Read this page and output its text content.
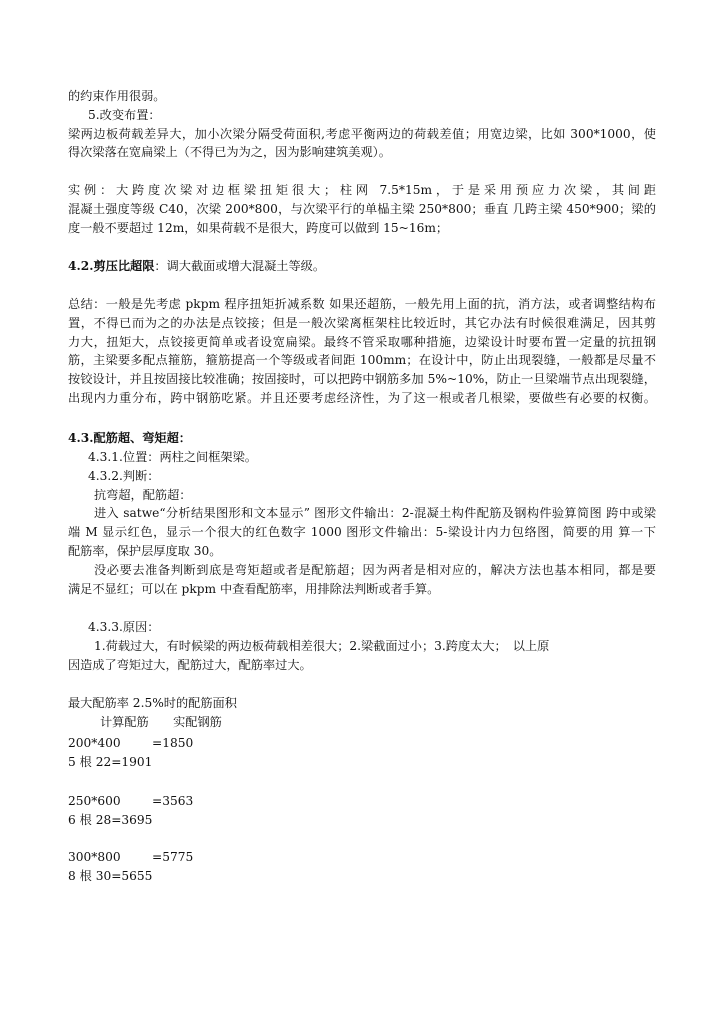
的约束作用很弱。
5.改变布置：
梁两边板荷载差异大，加小次梁分隔受荷面积,考虑平衡两边的荷载差值；用宽边梁，比如 300*1000，使
得次梁落在宽扁梁上（不得已为为之，因为影响建筑美观）。
实例：大跨度次梁对边框梁扭矩很大；柱网 7.5*15m，于是采用预应力次梁，其间距
混凝土强度等级 C40，次梁 200*800，与次梁平行的单榀主梁 250*800；垂直 几跨主梁 450*900；梁的
度一般不要超过 12m，如果荷载不是很大，跨度可以做到 15~16m；
4.2.剪压比超限：调大截面或增大混凝土等级。
总结：一般是先考虑 pkpm 程序扭矩折减系数 如果还超筋，一般先用上面的抗，消方法，或者调整结构布
置，不得已而为之的办法是点铰接；但是一般次梁离框架柱比较近时，其它办法有时候很难满足，因其剪
力大，扭矩大，点铰接更简单或者设宽扁梁。最终不管采取哪种措施，边梁设计时要布置一定量的抗扭钢
筋，主梁要多配点箍筋，箍筋提高一个等级或者间距 100mm；在设计中，防止出现裂缝，一般都是尽量不
按铰设计，并且按固接比较准确；按固接时，可以把跨中钢筋多加 5%~10%，防止一旦梁端节点出现裂缝，
出现内力重分布，跨中钢筋吃紧。并且还要考虑经济性，为了这一根或者几根梁，要做些有必要的权衡。
4.3.配筋超、弯矩超：
4.3.1.位置：两柱之间框架梁。
4.3.2.判断：
抗弯超，配筋超：
进入 satwe“分析结果图形和文本显示” 图形文件输出：2-混凝土构件配筋及钢构件验算简图 跨中或梁
端 M 显示红色，显示一个很大的红色数字 1000 图形文件输出：5-梁设计内力包络图，简要的用 算一下
配筋率，保护层厚度取 30。
没必要去准备判断到底是弯矩超或者是配筋超；因为两者是相对应的，解决方法也基本相同，都是要
满足不显红；可以在 pkpm 中查看配筋率，用排除法判断或者手算。
4.3.3.原因：
1.荷载过大，有时候梁的两边板荷载相差很大；2.梁截面过小；3.跨度太大；　以上原
因造成了弯矩过大，配筋过大，配筋率过大。
最大配筋率 2.5%时的配筋面积
计算配筋　　实配钢筋
200*400	=1850
5 根 22=1901
250*600	=3563
6 根 28=3695
300*800	=5775
8 根 30=5655
